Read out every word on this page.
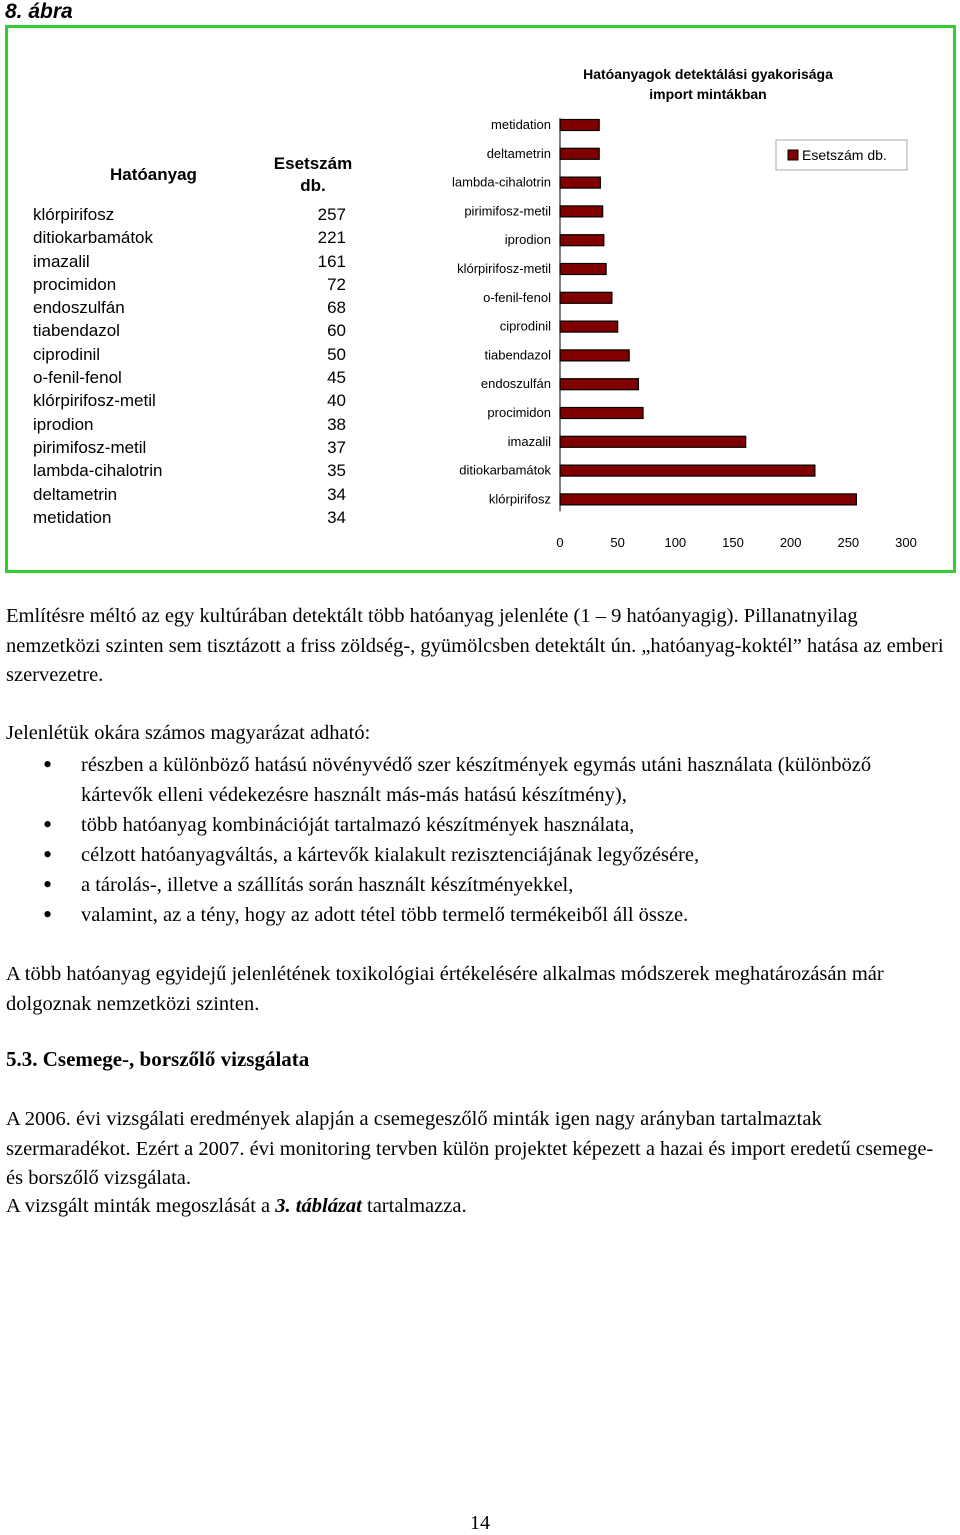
8. ábra
Hatóanyag
Esetszám
db.
klórpirifosz	257
ditiokarbamátok	221
imazalil	161
procimidon	72
endoszulfán	68
tiabendazol	60
ciprodinil	50
o-fenil-fenol	45
klórpirifosz-metil	40
iprodion	38
pirimifosz-metil	37
lambda-cihalotrin	35
deltametrin	34
metidation	34
Hatóanyagok detektálási gyakorisága
import mintákban
metidation
deltametrin
lambda-cihalotrin
pirimifosz-metil
iprodion
klórpirifosz-metil
o-fenil-fenol
ciprodinil
tiabendazol
endoszulfán
procimidon
imazalil
ditiokarbamátok
klórpirifosz
0	50	100	150	200	250	300
Esetszám db.

Említésre méltó az egy kultúrában detektált több hatóanyag jelenléte (1 – 9 hatóanyagig). Pillanatnyilag nemzetközi szinten sem tisztázott a friss zöldség-, gyümölcsben detektált ún. „hatóanyag-koktél” hatása az emberi szervezetre.

Jelenlétük okára számos magyarázat adható:

• részben a különböző hatású növényvédő szer készítmények egymás utáni használata (különböző kártevők elleni védekezésre használt más-más hatású készítmény),
• több hatóanyag kombinációját tartalmazó készítmények használata,
• célzott hatóanyagváltás, a kártevők kialakult rezisztenciájának legyőzésére,
• a tárolás-, illetve a szállítás során használt készítményekkel,
• valamint, az a tény, hogy az adott tétel több termelő termékeiből áll össze.

A több hatóanyag egyidejű jelenlétének toxikológiai értékelésére alkalmas módszerek meghatározásán már dolgoznak nemzetközi szinten.

5.3. Csemege-, borszőlő vizsgálata

A 2006. évi vizsgálati eredmények alapján a csemegeszőlő minták igen nagy arányban tartalmaztak szermaradékot. Ezért a 2007. évi monitoring tervben külön projektet képezett a hazai és import eredetű csemege- és borszőlő vizsgálata.

A vizsgált minták megoszlását a 3. táblázat tartalmazza.

14
